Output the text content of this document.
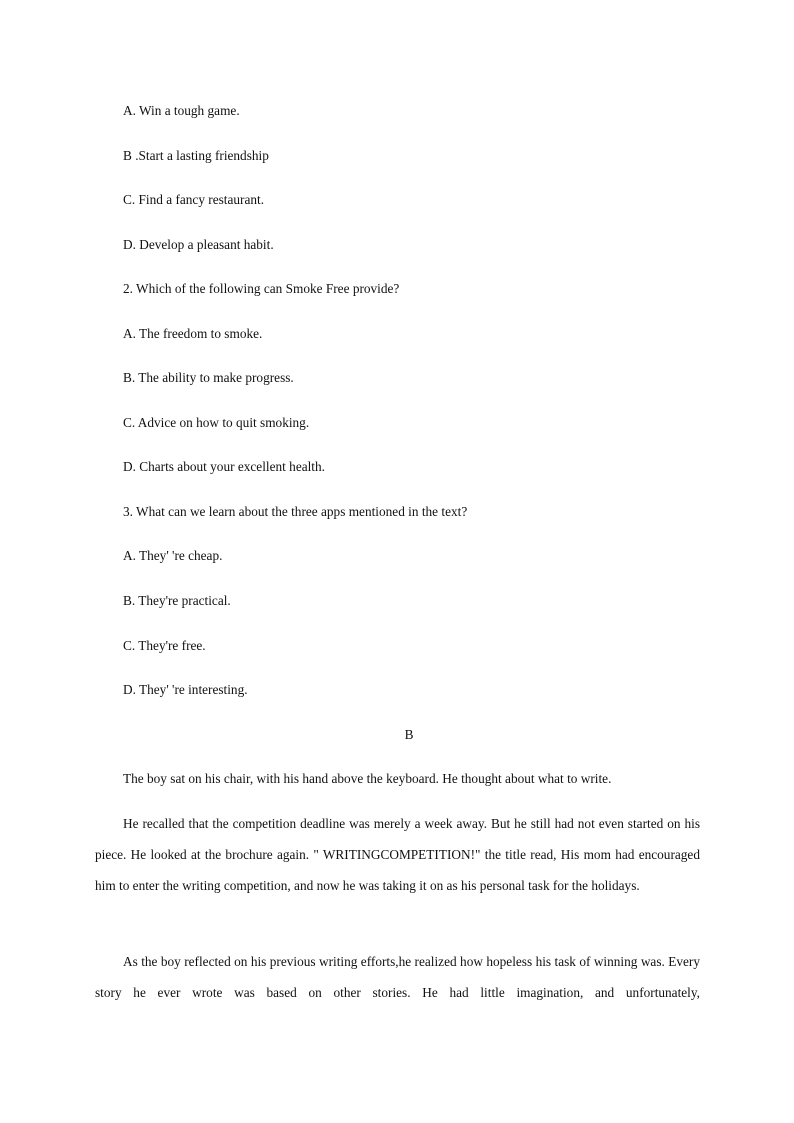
A. Win a tough game.
B .Start a lasting friendship
C. Find a fancy restaurant.
D. Develop a pleasant habit.
2. Which of the following can Smoke Free provide?
A. The freedom to smoke.
B. The ability to make progress.
C. Advice on how to quit smoking.
D. Charts about your excellent health.
3. What can we learn about the three apps mentioned in the text?
A. They' 're cheap.
B. They're practical.
C. They're free.
D. They' 're interesting.
B
The boy sat on his chair, with his hand above the keyboard. He thought about what to write.
He recalled that the competition deadline was merely a week away. But he still had not even started on his piece. He looked at the brochure again. " WRITINGCOMPETITION!" the title read, His mom had encouraged him to enter the writing competition, and now he was taking it on as his personal task for the holidays.
As the boy reflected on his previous writing efforts,he realized how hopeless his task of winning was. Every story he ever wrote was based on other stories. He had little imagination, and unfortunately,
